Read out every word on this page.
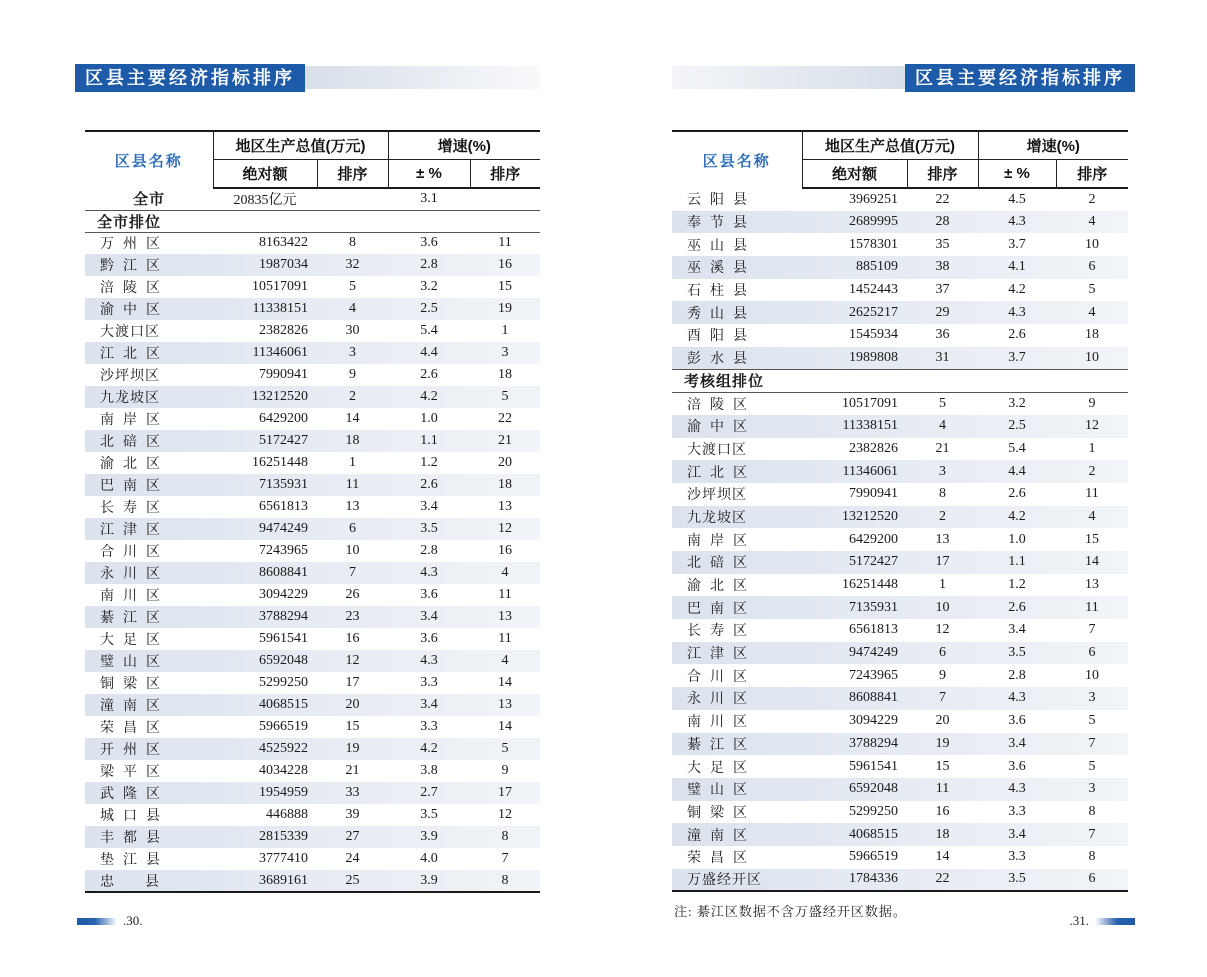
区县主要经济指标排序
区县名称	地区生产总值(万元)		增速(%)	
	绝对额	排序	± %	排序
全市	20835亿元		3.1	
全市排位				
万 州 区	8163422	8	3.6	11
黔 江 区	1987034	32	2.8	16
涪 陵 区	10517091	5	3.2	15
渝 中 区	11338151	4	2.5	19
大渡口区	2382826	30	5.4	1
江 北 区	11346061	3	4.4	3
沙坪坝区	7990941	9	2.6	18
九龙坡区	13212520	2	4.2	5
南 岸 区	6429200	14	1.0	22
北 碚 区	5172427	18	1.1	21
渝 北 区	16251448	1	1.2	20
巴 南 区	7135931	11	2.6	18
长 寿 区	6561813	13	3.4	13
江 津 区	9474249	6	3.5	12
合 川 区	7243965	10	2.8	16
永 川 区	8608841	7	4.3	4
南 川 区	3094229	26	3.6	11
綦 江 区	3788294	23	3.4	13
大 足 区	5961541	16	3.6	11
璧 山 区	6592048	12	4.3	4
铜 梁 区	5299250	17	3.3	14
潼 南 区	4068515	20	3.4	13
荣 昌 区	5966519	15	3.3	14
开 州 区	4525922	19	4.2	5
梁 平 区	4034228	21	3.8	9
武 隆 区	1954959	33	2.7	17
城 口 县	446888	39	3.5	12
丰 都 县	2815339	27	3.9	8
垫 江 县	3777410	24	4.0	7
忠  县	3689161	25	3.9	8
.30.
区县主要经济指标排序
区县名称	地区生产总值(万元)		增速(%)	
	绝对额	排序	± %	排序
云 阳 县	3969251	22	4.5	2
奉 节 县	2689995	28	4.3	4
巫 山 县	1578301	35	3.7	10
巫 溪 县	885109	38	4.1	6
石 柱 县	1452443	37	4.2	5
秀 山 县	2625217	29	4.3	4
酉 阳 县	1545934	36	2.6	18
彭 水 县	1989808	31	3.7	10
考核组排位				
涪 陵 区	10517091	5	3.2	9
渝 中 区	11338151	4	2.5	12
大渡口区	2382826	21	5.4	1
江 北 区	11346061	3	4.4	2
沙坪坝区	7990941	8	2.6	11
九龙坡区	13212520	2	4.2	4
南 岸 区	6429200	13	1.0	15
北 碚 区	5172427	17	1.1	14
渝 北 区	16251448	1	1.2	13
巴 南 区	7135931	10	2.6	11
长 寿 区	6561813	12	3.4	7
江 津 区	9474249	6	3.5	6
合 川 区	7243965	9	2.8	10
永 川 区	8608841	7	4.3	3
南 川 区	3094229	20	3.6	5
綦 江 区	3788294	19	3.4	7
大 足 区	5961541	15	3.6	5
璧 山 区	6592048	11	4.3	3
铜 梁 区	5299250	16	3.3	8
潼 南 区	4068515	18	3.4	7
荣 昌 区	5966519	14	3.3	8
万盛经开区	1784336	22	3.5	6
注: 綦江区数据不含万盛经开区数据。
.31.
